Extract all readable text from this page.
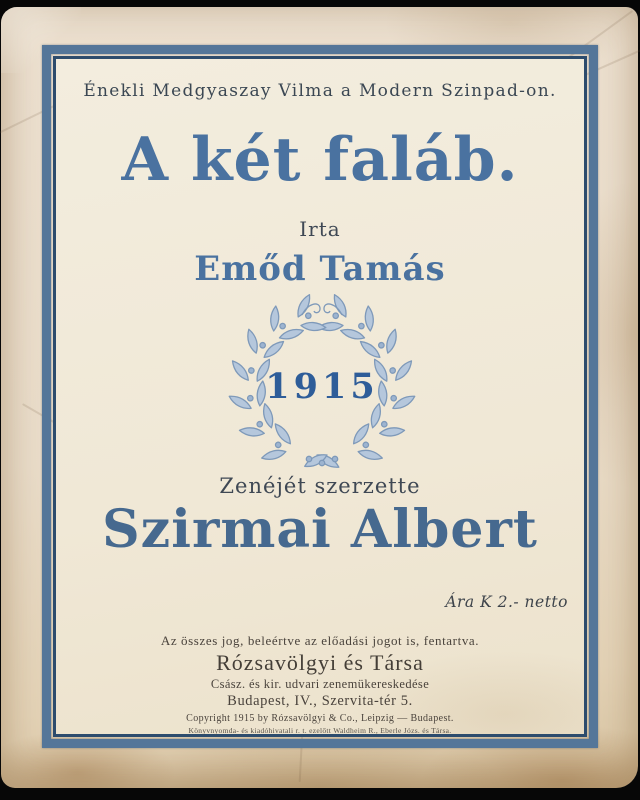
Énekli Medgyaszay Vilma a Modern Szinpad-on.
A két faláb.
Irta
Emőd Tamás
1915
Zenéjét szerzette
Szirmai Albert
Ára K 2.- netto
Az összes jog, beleértve az előadási jogot is, fentartva.
Rózsavölgyi és Társa
Csász. és kir. udvari zenemükereskedése
Budapest, IV., Szervita-tér 5.
Copyright 1915 by Rózsavölgyi & Co., Leipzig — Budapest.
Könyvnyomda- és kiadóhivatali r. t. ezelőtt Waldheim R., Eberle Józs. és Társa.
